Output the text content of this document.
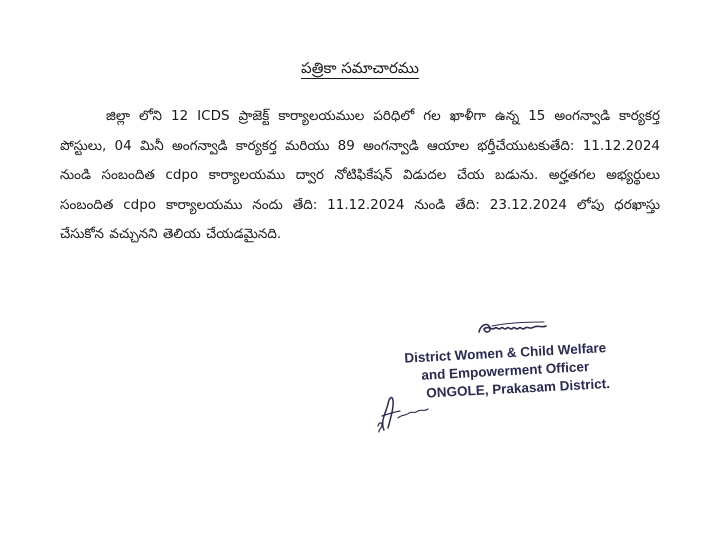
పత్రికా సమాచారము

జిల్లా లోని 12 ICDS ప్రాజెక్ట్ కార్యాలయముల పరిధిలో గల ఖాళీగా ఉన్న 15 అంగన్వాడి కార్యకర్త పోస్టులు, 04 మినీ అంగన్వాడి కార్యకర్త మరియు 89 అంగన్వాడి ఆయాల భర్తీచేయుటకుతేది: 11.12.2024 నుండి సంబందిత cdpo కార్యాలయము ద్వార నోటిఫికేషన్ విడుదల చేయ బడును. అర్హతగల అభ్యర్థులు సంబందిత cdpo కార్యాలయము నందు తేది: 11.12.2024 నుండి తేది: 23.12.2024 లోపు ధరఖాస్తు చేసుకోన వచ్చునని తెలియ చేయడమైనది.

District Women & Child Welfare
and Empowerment Officer
ONGOLE, Prakasam District.
